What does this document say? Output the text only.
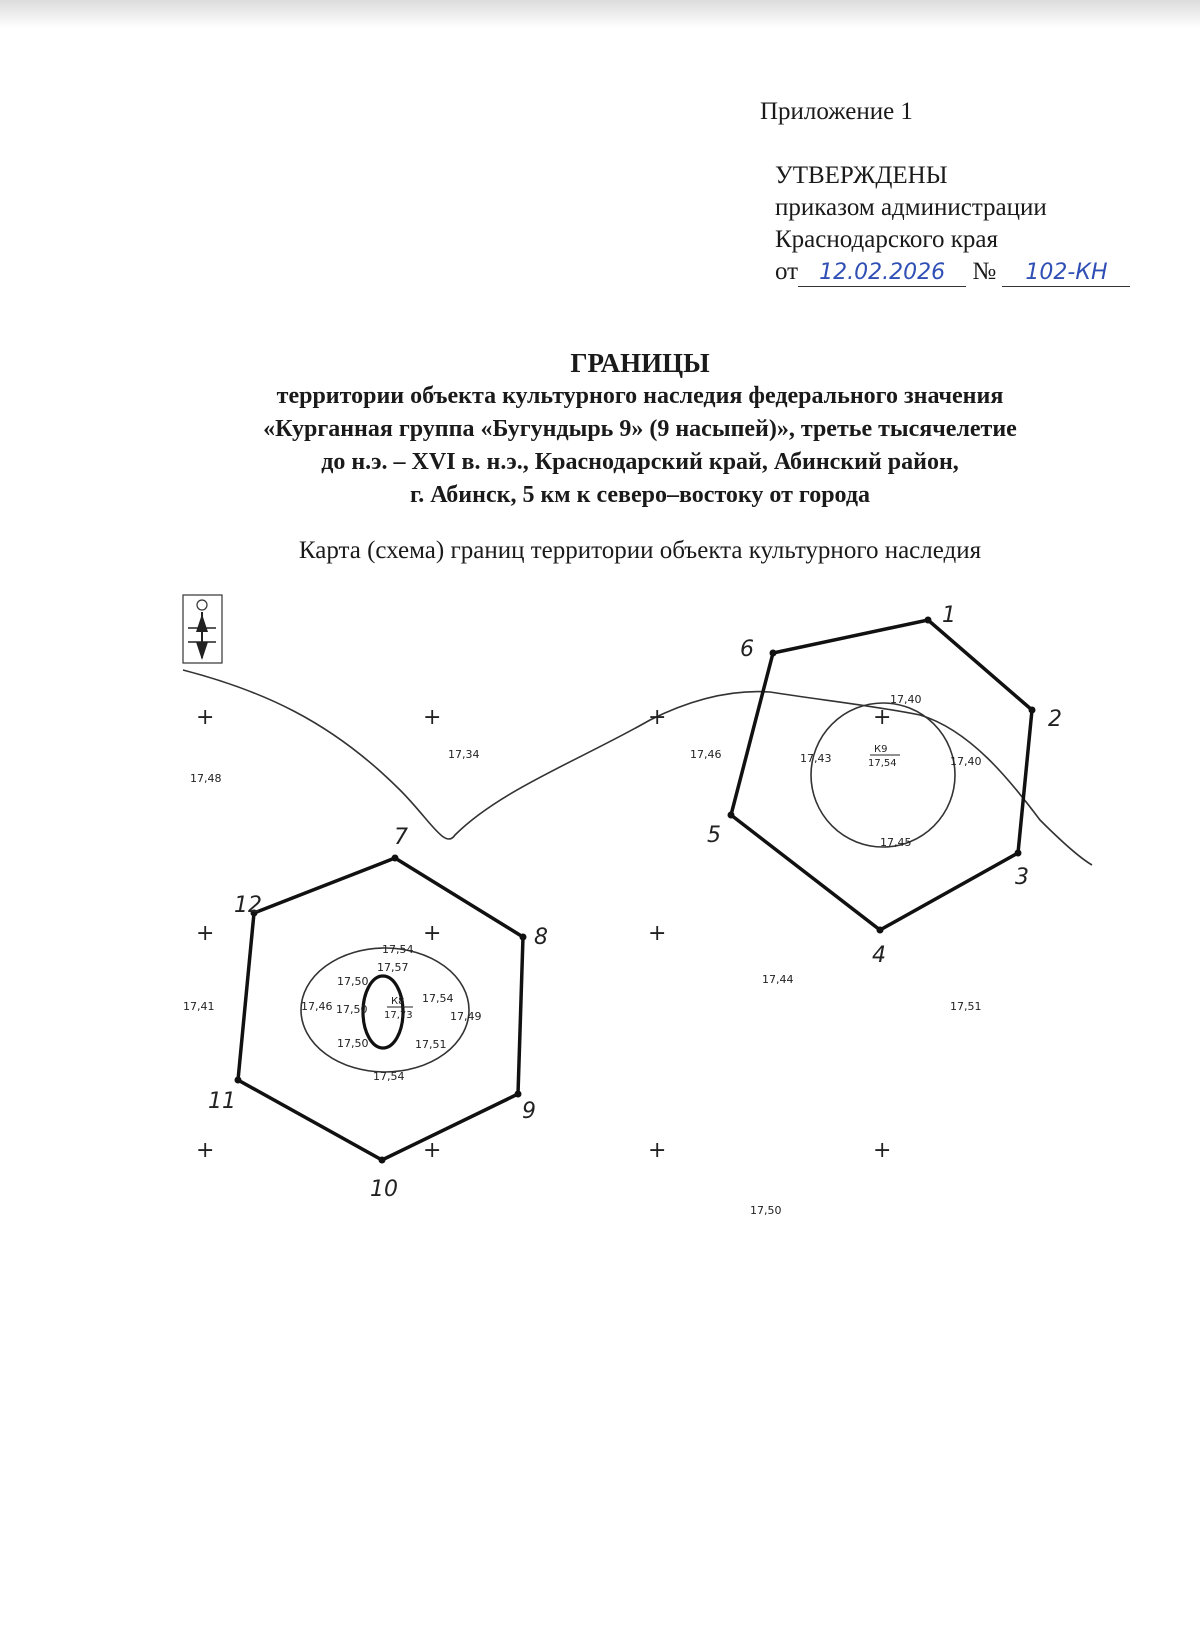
Приложение 1
УТВЕРЖДЕНЫ
приказом администрации
Краснодарского края
от 12.02.2026 № 102-КН
ГРАНИЦЫ
территории объекта культурного наследия федерального значения
«Курганная группа «Бугундырь 9» (9 насыпей)», третье тысячелетие
до н.э. – XVI в. н.э., Краснодарский край, Абинский район,
г. Абинск, 5 км к северо–востоку от города
Карта (схема) границ территории объекта культурного наследия
+	+	+	+
+	+	+
+	+	+	+
1
2
3
4
5
6
7
8
9
10
11
12
К9
17,54
К8
17,73
17,48
17,34	17,46	17,43
17,40
17,40
17,45
17,44
17,51
17,50
17,41	17,46 17,50
17,50
17,50
17,54
17,57
17,54
17,49
17,51
17,54
